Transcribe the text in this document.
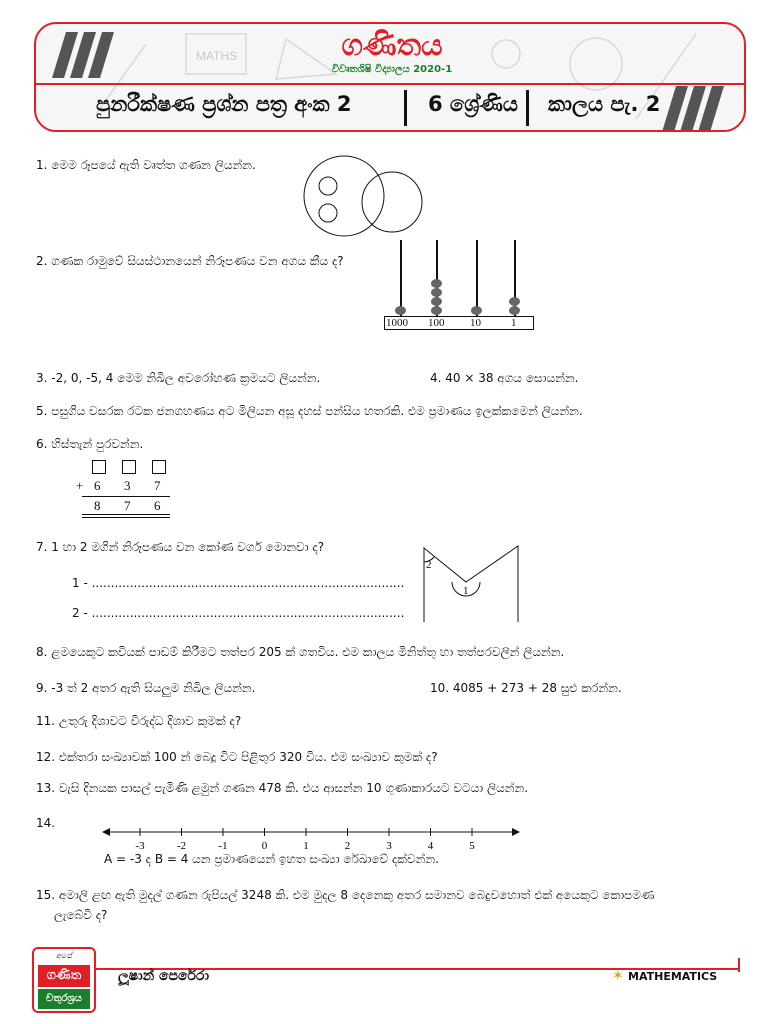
MATHS	ගණිතය
විවෘතශිෂි විද්‍යාලය 2020-1
පුනරීක්ෂණ ප්‍රශ්න පත්‍ර අංක 2	6 ශ්‍රේණිය කාලය පැ. 2
1. මෙම රූපයේ ඇති වෘත්ත ගණන ලියන්න.
2. ගණක රාමුවේ සියස්ථානයෙන් නිරූපණය වන අගය කීය ද?
1000 100 10	1
3. -2, 0, -5, 4 මෙම නිඛිල අවරෝහණ ක්‍රමයට ලියන්න.	4. 40 × 38 අගය සොයන්න.
5. පසුගිය වසරක රටක ජනගහණය අට මිලියන අසූ දහස් පන්සිය හතරකි. එම ප්‍රමාණය ඉලක්කමෙන් ලියන්න.
6. හිස්තැන් පුරවන්න.
+ 6 3 7
8 7 6
7. 1 හා 2 මගින් නිරූපණය වන කෝණ වර්ග මොනවා ද?
1 - ..................................................................................
2 - ..................................................................................
2
1
8. ළමයෙකුට කවියක් පාඩම් කිරීමට තත්පර 205 ක් ගතවිය. එම කාලය මිනිත්තු හා තත්පරවලින් ලියන්න.
9. -3 ත් 2 අතර ඇති සියලුම නිඛිල ලියන්න.	10. 4085 + 273 + 28 සුළු කරන්න.
11. උතුරු දිශාවට විරුද්ධ දිශාව කුමක් ද?
12. එක්තරා සංඛ්‍යාවක් 100 න් බෙදූ විට පිළිතුර 320 විය. එම සංඛ්‍යාව කුමක් ද?
13. වැසි දිනයක පාසල් පැමිණි ළමුන් ගණන 478 කි. එය ආසන්න 10 ගුණාකාරයට වටයා ලියන්න.
14.
-3	-2	-1	0	1	2	3	4	5
A = -3 ද B = 4 යන ප්‍රමාණයෙන් ඉහත සංඛ්‍යා රේඛාවේ දක්වන්න.
15. අමාලි ළඟ ඇති මුදල් ගණන රුපියල් 3248 කි. එම මුදල 8 දෙනෙකු අතර සමානව බෙදුවහොත් එක් අයෙකුට කොපමණ
ලැබේවි ද?
අපේ
ගණිත
චතුරශ්‍රය
ලූෂාන් පෙරේරා	✶ MATHEMATICS
